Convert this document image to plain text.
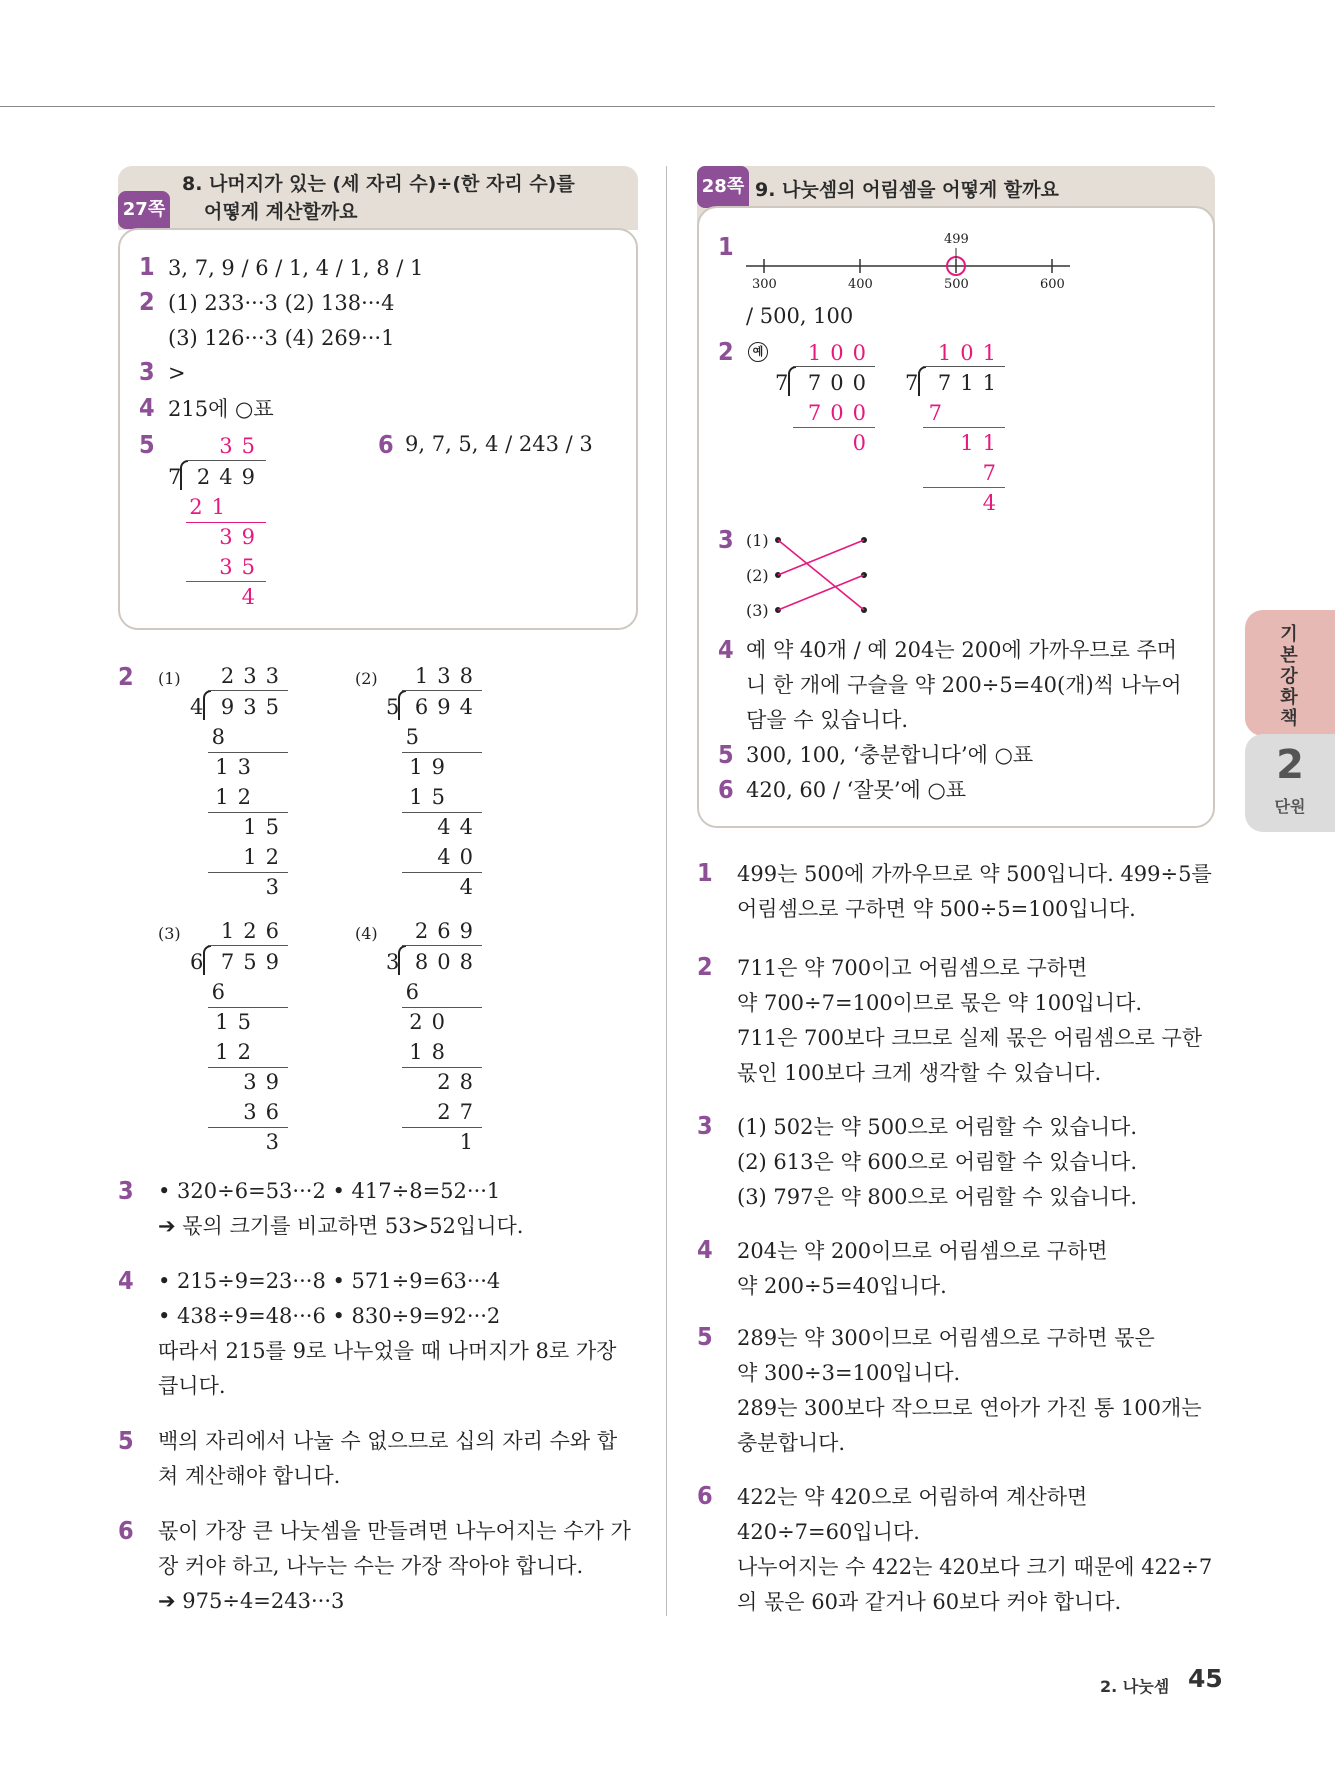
8. 나머지가 있는 (세 자리 수)÷(한 자리 수)를
어떻게 계산할까요
27쪽
1 3, 7, 9 / 6 / 1, 4 / 1, 8 / 1
2 (1) 233···3 (2) 138···4
(3) 126···3 (4) 269···1
3 >
4 215에 ○표
5	6 9, 7, 5, 4 / 243 / 3
35
7 249
21
39
35
4
2 (1) 233
4 935
8
13
12
15
12
3
(2) 138
5 694
5
19
15
44
40
4
(3) 126
6 759
6
15
12
39
36
3
(4) 269
3 808
6
20
18
28
27
1
3 • 320÷6=53···2 • 417÷8=52···1
➔ 몫의 크기를 비교하면 53>52입니다.
4 • 215÷9=23···8 • 571÷9=63···4
• 438÷9=48···6 • 830÷9=92···2
따라서 215를 9로 나누었을 때 나머지가 8로 가장
큽니다.
5 백의 자리에서 나눌 수 없으므로 십의 자리 수와 합
쳐 계산해야 합니다.
6 몫이 가장 큰 나눗셈을 만들려면 나누어지는 수가 가
장 커야 하고, 나누는 수는 가장 작아야 합니다.
➔ 975÷4=243···3
9. 나눗셈의 어림셈을 어떻게 할까요
28쪽
1	499
300	400	500	600
/ 500, 100
2	예 100
7 700
700
0
101
7 711
7
11
7
4
3 (1)
(2)
(3)
4 예 약 40개 / 예 204는 200에 가까우므로 주머
니 한 개에 구슬을 약 200÷5=40(개)씩 나누어
담을 수 있습니다.
5 300, 100, ‘충분합니다’에 ○표
6 420, 60 / ‘잘못’에 ○표
1 499는 500에 가까우므로 약 500입니다. 499÷5를
어림셈으로 구하면 약 500÷5=100입니다.
2 711은 약 700이고 어림셈으로 구하면
약 700÷7=100이므로 몫은 약 100입니다.
711은 700보다 크므로 실제 몫은 어림셈으로 구한
몫인 100보다 크게 생각할 수 있습니다.
3 (1) 502는 약 500으로 어림할 수 있습니다.
(2) 613은 약 600으로 어림할 수 있습니다.
(3) 797은 약 800으로 어림할 수 있습니다.
4 204는 약 200이므로 어림셈으로 구하면
약 200÷5=40입니다.
5 289는 약 300이므로 어림셈으로 구하면 몫은
약 300÷3=100입니다.
289는 300보다 작으므로 연아가 가진 통 100개는
충분합니다.
6 422는 약 420으로 어림하여 계산하면
420÷7=60입니다.
나누어지는 수 422는 420보다 크기 때문에 422÷7
의 몫은 60과 같거나 60보다 커야 합니다.
기본 강화책
2
단원
2. 나눗셈 45
